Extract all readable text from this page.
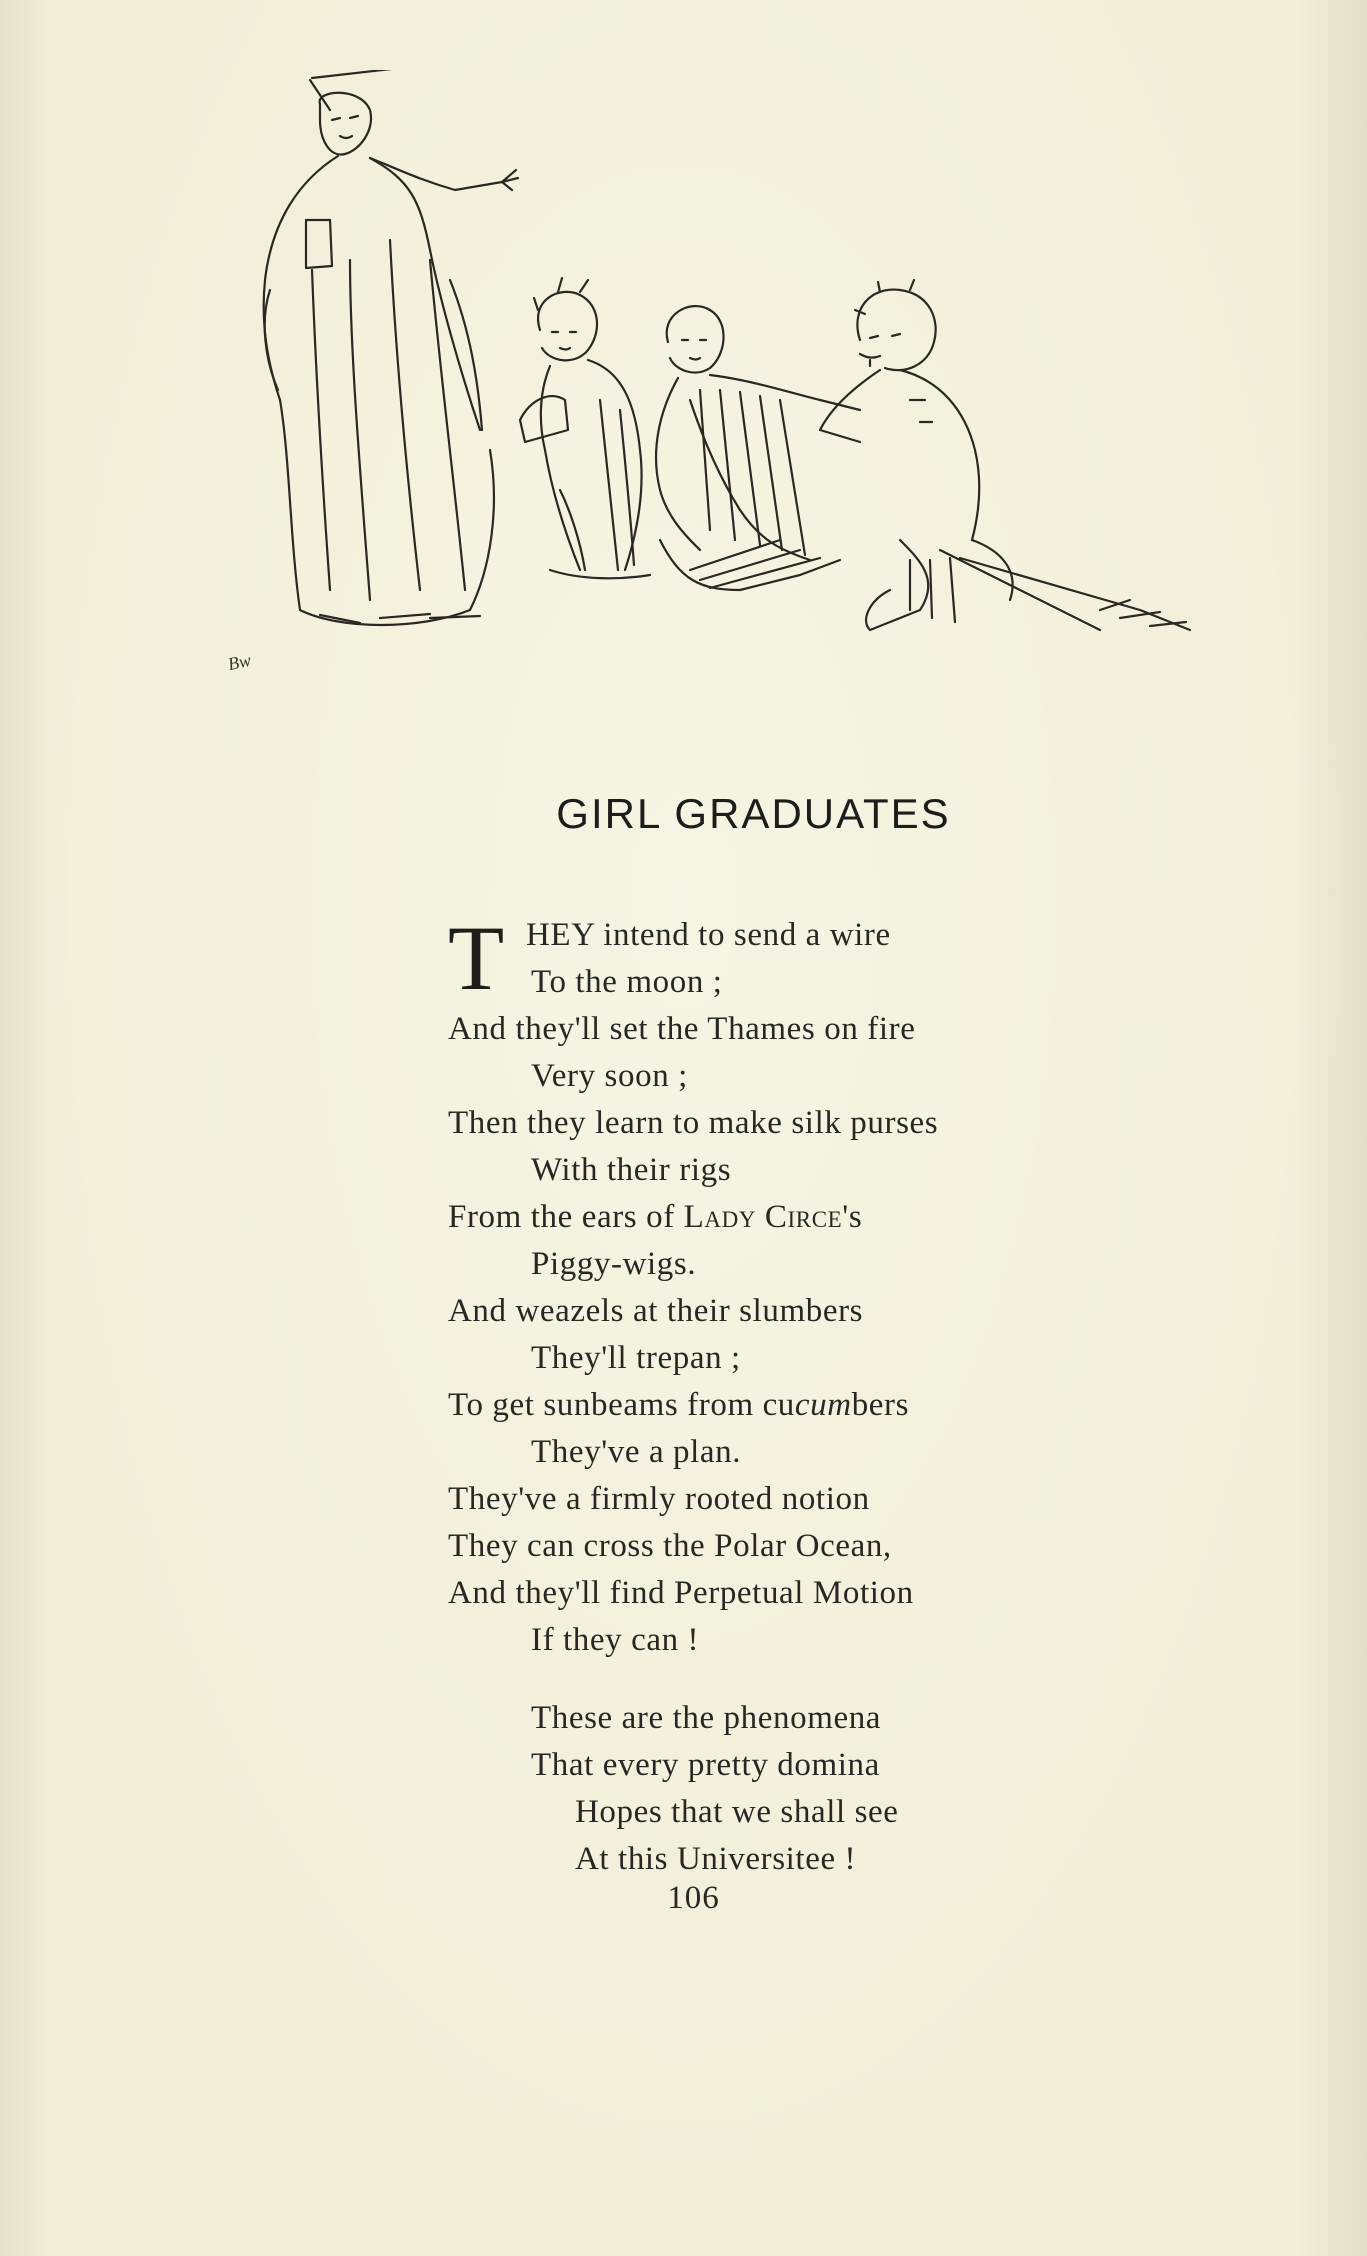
Bw
GIRL GRADUATES
T HEY intend to send a wire
To the moon ;
And they'll set the Thames on fire
Very soon ;
Then they learn to make silk purses
With their rigs
From the ears of Lady Circe's
Piggy-wigs.
And weazels at their slumbers
They'll trepan ;
To get sunbeams from cucumbers
They've a plan.
They've a firmly rooted notion
They can cross the Polar Ocean,
And they'll find Perpetual Motion
If they can !
These are the phenomena
That every pretty domina
Hopes that we shall see
At this Universitee !
106
